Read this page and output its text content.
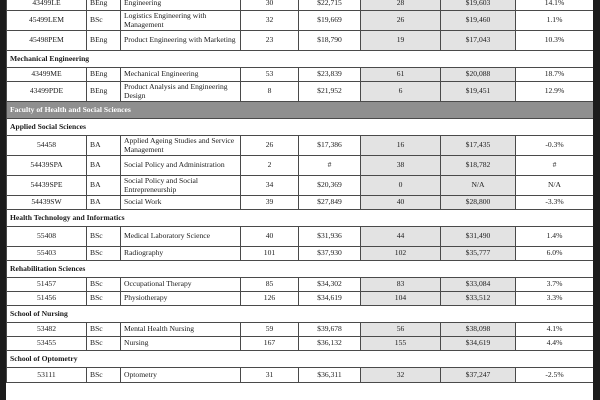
43499LE	BEng	Engineering	30	$22,715	28	$19,603	14.1%
45499LEM	BSc	Logistics Engineering with Management	32	$19,669	26	$19,460	1.1%
45498PEM	BEng	Product Engineering with Marketing	23	$18,790	19	$17,043	10.3%
Mechanical Engineering							
43499ME	BEng	Mechanical Engineering	53	$23,839	61	$20,088	18.7%
43499PDE	BEng	Product Analysis and Engineering Design	8	$21,952	6	$19,451	12.9%
Faculty of Health and Social Sciences							
Applied Social Sciences							
54458	BA	Applied Ageing Studies and Service Management	26	$17,386	16	$17,435	-0.3%
54439SPA	BA	Social Policy and Administration	2	#	38	$18,782	#
54439SPE	BA	Social Policy and Social Entrepreneurship	34	$20,369	0	N/A	N/A
54439SW	BA	Social Work	39	$27,849	40	$28,800	-3.3%
Health Technology and Informatics							
55408	BSc	Medical Laboratory Science	40	$31,936	44	$31,490	1.4%
55403	BSc	Radiography	101	$37,930	102	$35,777	6.0%
Rehabilitation Sciences							
51457	BSc	Occupational Therapy	85	$34,302	83	$33,084	3.7%
51456	BSc	Physiotherapy	126	$34,619	104	$33,512	3.3%
School of Nursing							
53482	BSc	Mental Health Nursing	59	$39,678	56	$38,098	4.1%
53455	BSc	Nursing	167	$36,132	155	$34,619	4.4%
School of Optometry							
53111	BSc	Optometry	31	$36,311	32	$37,247	-2.5%
